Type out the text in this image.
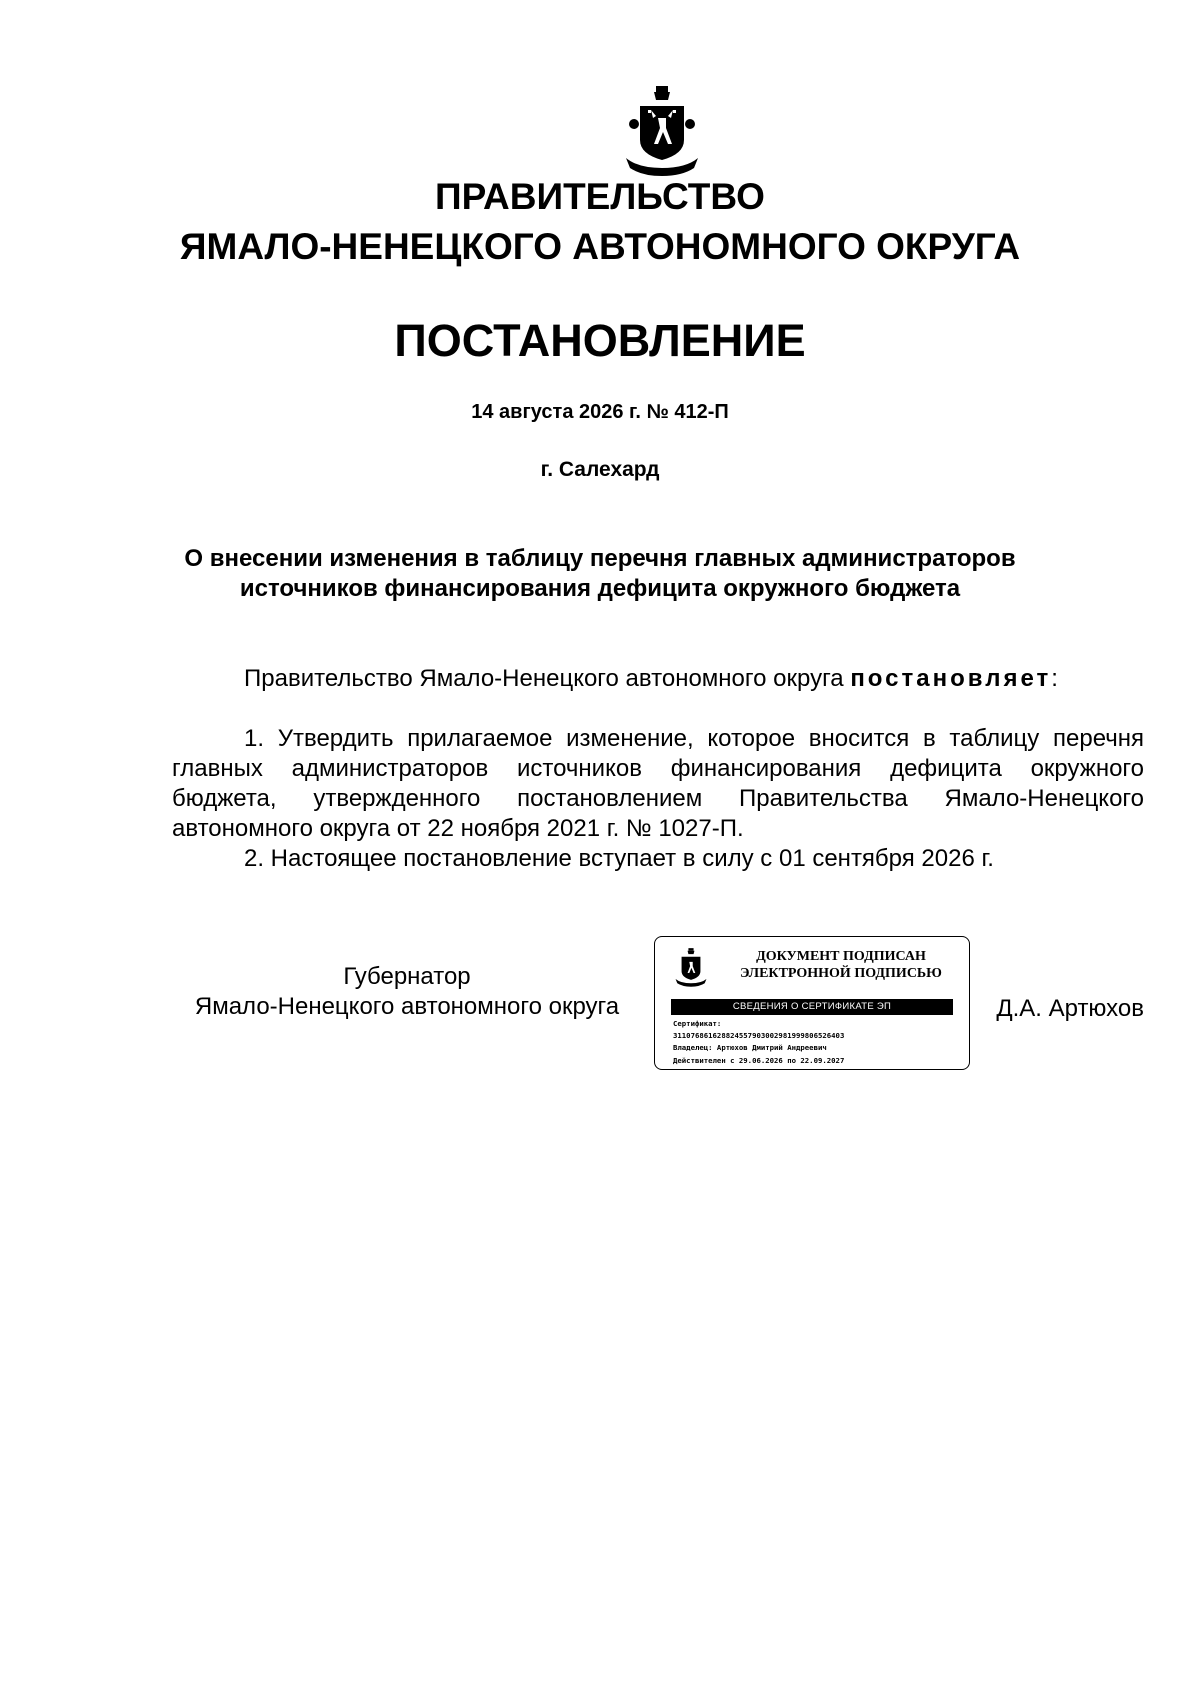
ПРАВИТЕЛЬСТВО
ЯМАЛО-НЕНЕЦКОГО АВТОНОМНОГО ОКРУГА
ПОСТАНОВЛЕНИЕ
14 августа 2026 г. № 412-П
г. Салехард
О внесении изменения в таблицу перечня главных администраторов
источников финансирования дефицита окружного бюджета
Правительство Ямало-Ненецкого автономного округа постановляет:
1. Утвердить прилагаемое изменение, которое вносится в таблицу перечня главных администраторов источников финансирования дефицита окружного бюджета, утвержденного постановлением Правительства Ямало-Ненецкого автономного округа от 22 ноября 2021 г. № 1027-П.
2. Настоящее постановление вступает в силу с 01 сентября 2026 г.
Губернатор
Ямало-Ненецкого автономного округа
ДОКУМЕНТ ПОДПИСАН
ЭЛЕКТРОННОЙ ПОДПИСЬЮ
СВЕДЕНИЯ О СЕРТИФИКАТЕ ЭП
Сертификат:
311076861628824557903002981999806526403
Владелец: Артюхов Дмитрий Андреевич
Действителен с 29.06.2026 по 22.09.2027
Д.А. Артюхов
